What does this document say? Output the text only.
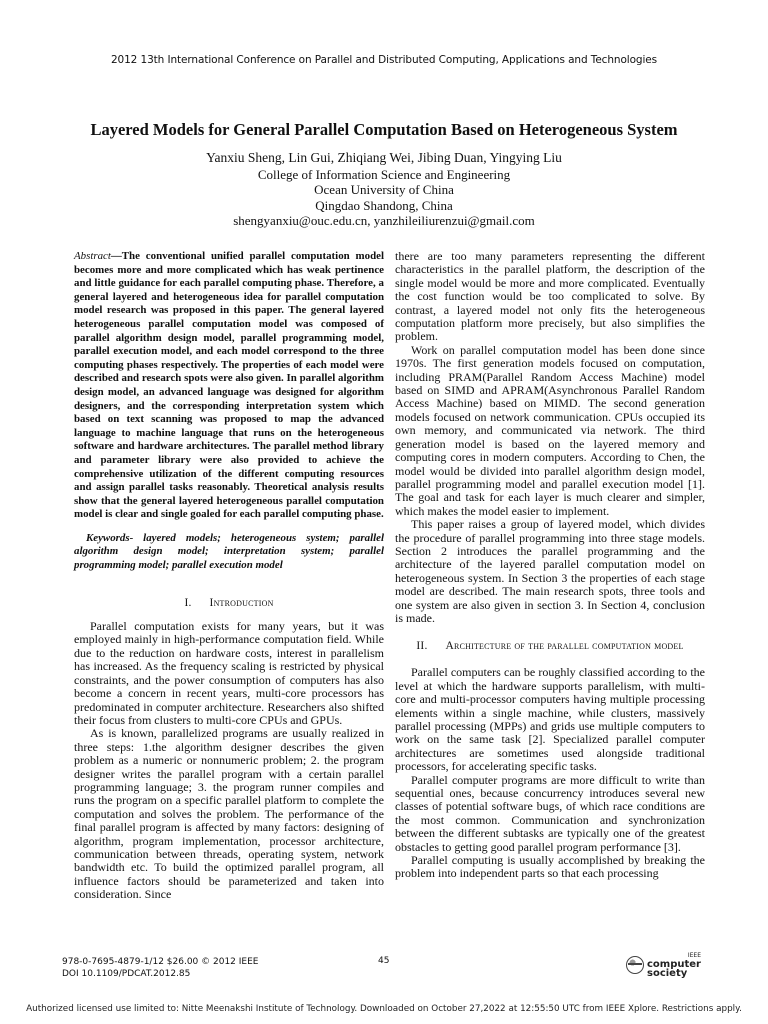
2012 13th International Conference on Parallel and Distributed Computing, Applications and Technologies
Layered Models for General Parallel Computation Based on Heterogeneous System
Yanxiu Sheng, Lin Gui, Zhiqiang Wei, Jibing Duan, Yingying Liu
College of Information Science and Engineering
Ocean University of China
Qingdao Shandong, China
shengyanxiu@ouc.edu.cn, yanzhileiliurenzui@gmail.com
Abstract—The conventional unified parallel computation model becomes more and more complicated which has weak pertinence and little guidance for each parallel computing phase. Therefore, a general layered and heterogeneous idea for parallel computation model research was proposed in this paper. The general layered heterogeneous parallel computation model was composed of parallel algorithm design model, parallel programming model, parallel execution model, and each model correspond to the three computing phases respectively. The properties of each model were described and research spots were also given. In parallel algorithm design model, an advanced language was designed for algorithm designers, and the corresponding interpretation system which based on text scanning was proposed to map the advanced language to machine language that runs on the heterogeneous software and hardware architectures. The parallel method library and parameter library were also provided to achieve the comprehensive utilization of the different computing resources and assign parallel tasks reasonably. Theoretical analysis results show that the general layered heterogeneous parallel computation model is clear and single goaled for each parallel computing phase.
Keywords- layered models; heterogeneous system; parallel algorithm design model; interpretation system; parallel programming model; parallel execution model
I. Introduction

Parallel computation exists for many years, but it was employed mainly in high-performance computation field. While due to the reduction on hardware costs, interest in parallelism has increased. As the frequency scaling is restricted by physical constraints, and the power consumption of computers has also become a concern in recent years, multi-core processors has predominated in computer architecture. Researchers also shifted their focus from clusters to multi-core CPUs and GPUs.

As is known, parallelized programs are usually realized in three steps: 1.the algorithm designer describes the given problem as a numeric or nonnumeric problem; 2. the program designer writes the parallel program with a certain parallel programming language; 3. the program runner compiles and runs the program on a specific parallel platform to complete the computation and solves the problem. The performance of the final parallel program is affected by many factors: designing of algorithm, program implementation, processor architecture, communication between threads, operating system, network bandwidth etc. To build the optimized parallel program, all influence factors should be parameterized and taken into consideration. Since

there are too many parameters representing the different characteristics in the parallel platform, the description of the single model would be more and more complicated. Eventually the cost function would be too complicated to solve. By contrast, a layered model not only fits the heterogeneous computation platform more precisely, but also simplifies the problem.

Work on parallel computation model has been done since 1970s. The first generation models focused on computation, including PRAM(Parallel Random Access Machine) model based on SIMD and APRAM(Asynchronous Parallel Random Access Machine) based on MIMD. The second generation models focused on network communication. CPUs occupied its own memory, and communicated via network. The third generation model is based on the layered memory and computing cores in modern computers. According to Chen, the model would be divided into parallel algorithm design model, parallel programming model and parallel execution model [1]. The goal and task for each layer is much clearer and simpler, which makes the model easier to implement.

This paper raises a group of layered model, which divides the procedure of parallel programming into three stage models. Section 2 introduces the parallel programming and the architecture of the layered parallel computation model on heterogeneous system. In Section 3 the properties of each stage model are described. The main research spots, three tools and one system are also given in section 3. In Section 4, conclusion is made.

II. Architecture of the parallel computation model

Parallel computers can be roughly classified according to the level at which the hardware supports parallelism, with multi-core and multi-processor computers having multiple processing elements within a single machine, while clusters, massively parallel processing (MPPs) and grids use multiple computers to work on the same task [2]. Specialized parallel computer architectures are sometimes used alongside traditional processors, for accelerating specific tasks.

Parallel computer programs are more difficult to write than sequential ones, because concurrency introduces several new classes of potential software bugs, of which race conditions are the most common. Communication and synchronization between the different subtasks are typically one of the greatest obstacles to getting good parallel program performance [3].

Parallel computing is usually accomplished by breaking the problem into independent parts so that each processing

978-0-7695-4879-1/12 $26.00 © 2012 IEEE
DOI 10.1109/PDCAT.2012.85
45
IEEE
computer
society
Authorized licensed use limited to: Nitte Meenakshi Institute of Technology. Downloaded on October 27,2022 at 12:55:50 UTC from IEEE Xplore. Restrictions apply.
